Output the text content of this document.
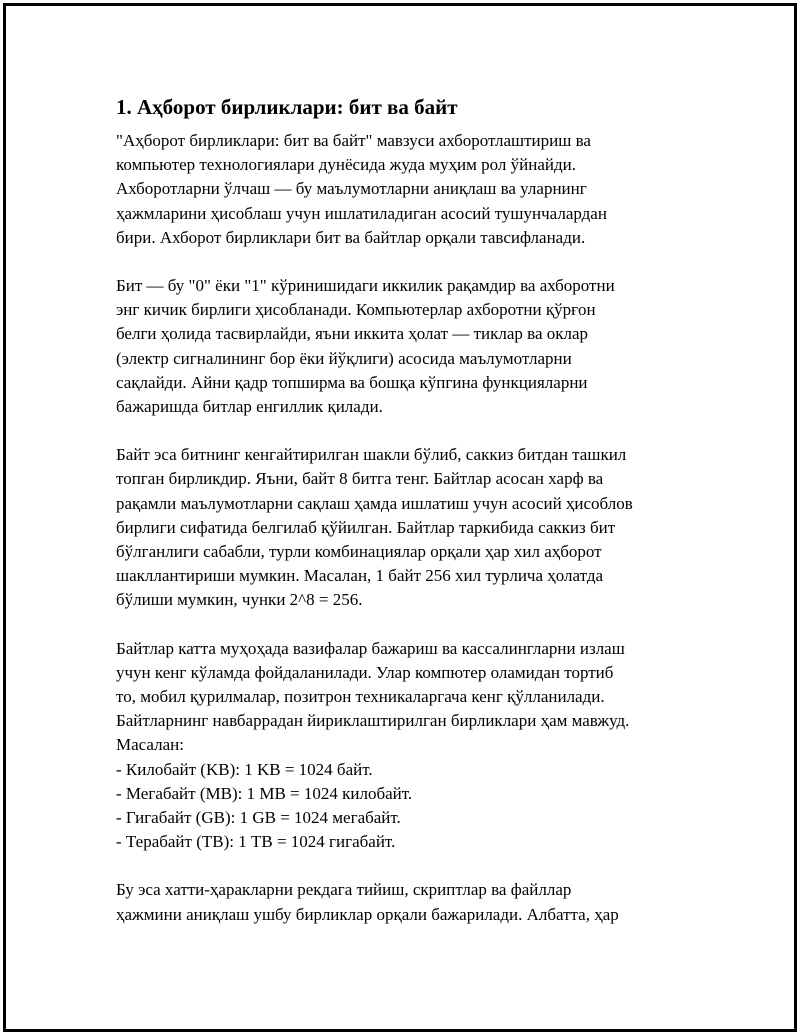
1. Аҳборот бирликлари: бит ва байт

"Аҳборот бирликлари: бит ва байт" мавзуси ахборотлаштириш ва
компьютер технологиялари дунёсида жуда муҳим рол ўйнайди.
Ахборотларни ўлчаш — бу маълумотларни аниқлаш ва уларнинг
ҳажмларини ҳисоблаш учун ишлатиладиган асосий тушунчалардан
бири. Ахборот бирликлари бит ва байтлар орқали тавсифланади.

Бит — бу "0" ёки "1" кўринишидаги иккилик рақамдир ва ахборотни
энг кичик бирлиги ҳисобланади. Компьютерлар ахборотни қўрғон
белги ҳолида тасвирлайди, яъни иккита ҳолат — тиклар ва оклар
(электр сигналининг бор ёки йўқлиги) асосида маълумотларни
сақлайди. Айни қадр топширма ва бошқа кўпгина функцияларни
бажаришда битлар енгиллик қилади.

Байт эса битнинг кенгайтирилган шакли бўлиб, саккиз битдан ташкил
топган бирликдир. Яъни, байт 8 битга тенг. Байтлар асосан харф ва
рақамли маълумотларни сақлаш ҳамда ишлатиш учун асосий ҳисоблов
бирлиги сифатида белгилаб қўйилган. Байтлар таркибида саккиз бит
бўлганлиги сабабли, турли комбинациялар орқали ҳар хил аҳборот
шакллантириши мумкин. Масалан, 1 байт 256 хил турлича ҳолатда
бўлиши мумкин, чунки 2^8 = 256.

Байтлар катта муҳоҳада вазифалар бажариш ва кассалингларни излаш
учун кенг кўламда фойдаланилади. Улар компютер оламидан тортиб
то, мобил қурилмалар, позитрон техникаларгача кенг қўлланилади.
Байтларнинг навбаррадан йириклаштирилган бирликлари ҳам мавжуд.
Масалан:
- Килобайт (KB): 1 KB = 1024 байт.
- Мегабайт (MB): 1 MB = 1024 килобайт.
- Гигабайт (GB): 1 GB = 1024 мегабайт.
- Терабайт (TB): 1 TB = 1024 гигабайт.

Бу эса хатти-ҳаракларни рекдага тийиш, скриптлар ва файллар
ҳажмини аниқлаш ушбу бирликлар орқали бажарилади. Албатта, ҳар
